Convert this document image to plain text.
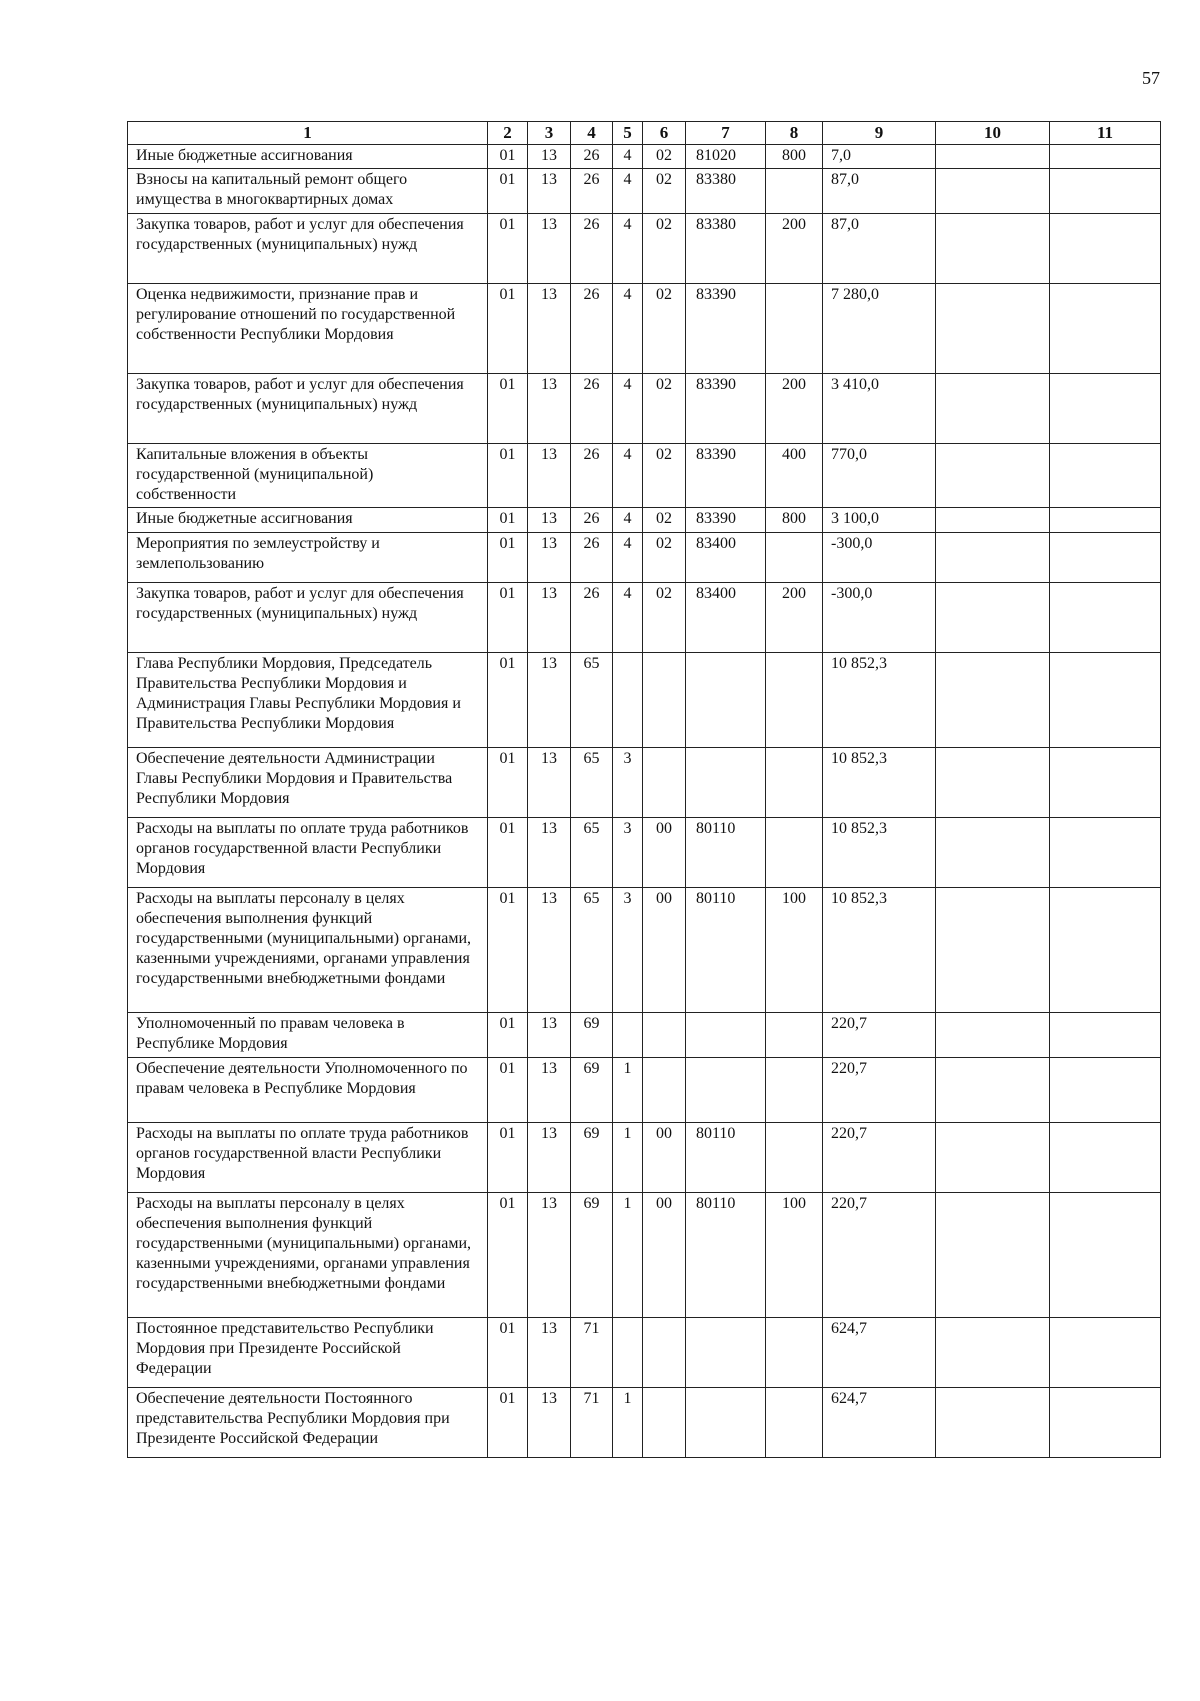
57
1	2	3	4	5	6	7	8	9	10	11
Иные бюджетные ассигнования	01	13	26	4	02	81020	800	7,0		
Взносы на капитальный ремонт общего имущества в многоквартирных домах	01	13	26	4	02	83380		87,0		
Закупка товаров, работ и услуг для обеспечения государственных (муниципальных) нужд	01	13	26	4	02	83380	200	87,0		
Оценка недвижимости, признание прав и регулирование отношений по государственной собственности Республики Мордовия	01	13	26	4	02	83390		7 280,0		
Закупка товаров, работ и услуг для обеспечения государственных (муниципальных) нужд	01	13	26	4	02	83390	200	3 410,0		
Капитальные вложения в объекты государственной (муниципальной) собственности	01	13	26	4	02	83390	400	770,0		
Иные бюджетные ассигнования	01	13	26	4	02	83390	800	3 100,0		
Мероприятия по землеустройству и землепользованию	01	13	26	4	02	83400		-300,0		
Закупка товаров, работ и услуг для обеспечения государственных (муниципальных) нужд	01	13	26	4	02	83400	200	-300,0		
Глава Республики Мордовия, Председатель Правительства Республики Мордовия и Администрация Главы Республики Мордовия и Правительства Республики Мордовия	01	13	65					10 852,3		
Обеспечение деятельности Администрации Главы Республики Мордовия и Правительства Республики Мордовия	01	13	65	3				10 852,3		
Расходы на выплаты по оплате труда работников органов государственной власти Республики Мордовия	01	13	65	3	00	80110		10 852,3		
Расходы на выплаты персоналу в целях обеспечения выполнения функций государственными (муниципальными) органами, казенными учреждениями, органами управления государственными внебюджетными фондами	01	13	65	3	00	80110	100	10 852,3		
Уполномоченный по правам человека в Республике Мордовия	01	13	69					220,7		
Обеспечение деятельности Уполномоченного по правам человека в Республике Мордовия	01	13	69	1				220,7		
Расходы на выплаты по оплате труда работников органов государственной власти Республики Мордовия	01	13	69	1	00	80110		220,7		
Расходы на выплаты персоналу в целях обеспечения выполнения функций государственными (муниципальными) органами, казенными учреждениями, органами управления государственными внебюджетными фондами	01	13	69	1	00	80110	100	220,7		
Постоянное представительство Республики Мордовия при Президенте Российской Федерации	01	13	71					624,7		
Обеспечение деятельности Постоянного представительства Республики Мордовия при Президенте Российской Федерации	01	13	71	1				624,7		
